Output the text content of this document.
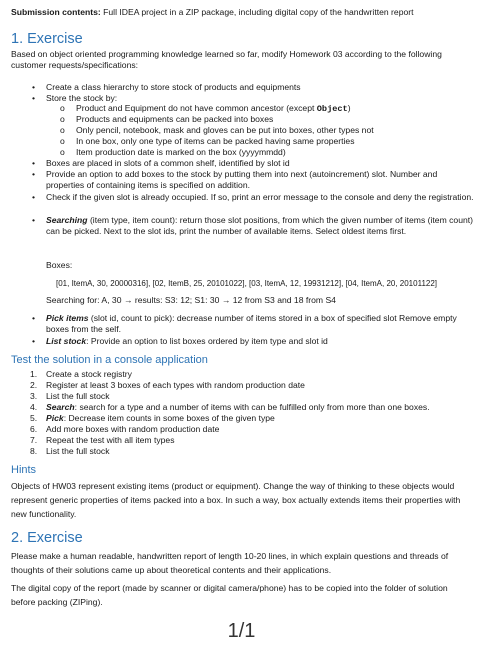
Submission contents: Full IDEA project in a ZIP package, including digital copy of the handwritten report

1. Exercise

Based on object oriented programming knowledge learned so far, modify Homework 03 according to the following customer requests/specifications:

• Create a class hierarchy to store stock of products and equipments

• Store the stock by:

o Product and Equipment do not have common ancestor (except Object)

o Products and equipments can be packed into boxes

o Only pencil, notebook, mask and gloves can be put into boxes, other types not

o In one box, only one type of items can be packed having same properties

o Item production date is marked on the box (yyyymmdd)

• Boxes are placed in slots of a common shelf, identified by slot id

• Provide an option to add boxes to the stock by putting them into next (autoincrement) slot. Number and properties of containing items is specified on addition.

• Check if the given slot is already occupied. If so, print an error message to the console and deny the registration.

• Searching (item type, item count): return those slot positions, from which the given number of items (item count) can be picked. Next to the slot ids, print the number of available items. Select oldest items first.

Boxes:

[01, ItemA, 30, 20000316], [02, ItemB, 25, 20101022], [03, ItemA, 12, 19931212], [04, ItemA, 20, 20101122]

Searching for: A, 30 → results: S3: 12; S1: 30 → 12 from S3 and 18 from S4

• Pick items (slot id, count to pick): decrease number of items stored in a box of specified slot Remove empty boxes from the self.

• List stock: Provide an option to list boxes ordered by item type and slot id

Test the solution in a console application
1. Create a stock registry

2. Register at least 3 boxes of each types with random production date

3. List the full stock

4. Search: search for a type and a number of items with can be fulfilled only from more than one boxes.

5. Pick: Decrease item counts in some boxes of the given type

6. Add more boxes with random production date

7. Repeat the test with all item types

8. List the full stock

Hints

Objects of HW03 represent existing items (product or equipment). Change the way of thinking to these objects would represent generic properties of items packed into a box. In such a way, box actually extends items their properties with new functionality.

2. Exercise

Please make a human readable, handwritten report of length 10-20 lines, in which explain questions and threads of thoughts of their solutions came up about theoretical contents and their applications.

The digital copy of the report (made by scanner or digital camera/phone) has to be copied into the folder of solution before packing (ZIPing).

1/1
